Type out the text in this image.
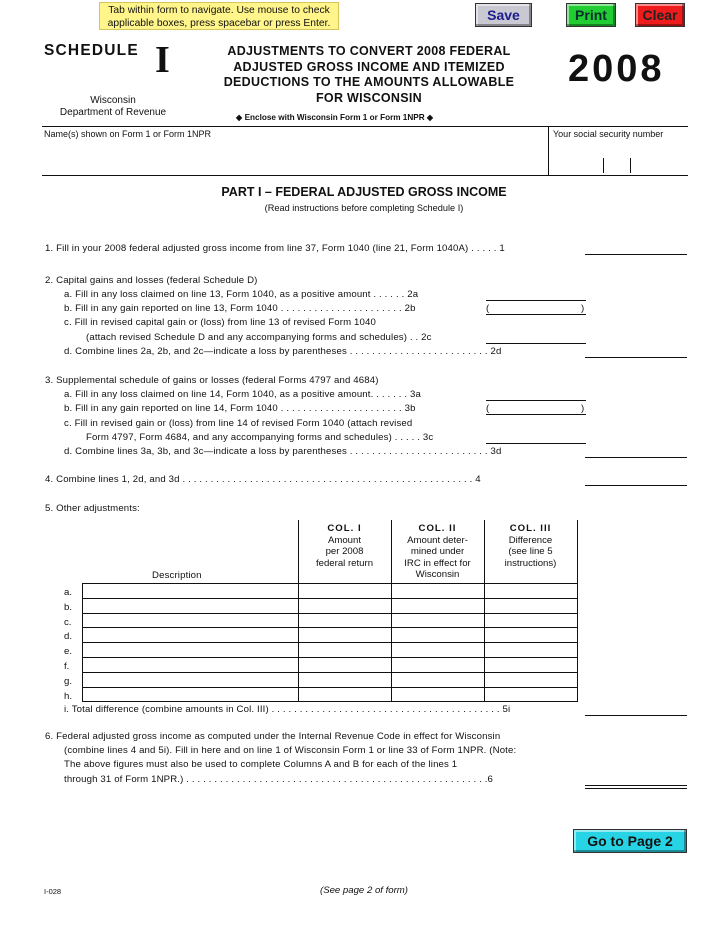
Tab within form to navigate. Use mouse to check
applicable boxes, press spacebar or press Enter.
Save	Print	Clear
SCHEDULE I
Wisconsin
Department of Revenue
ADJUSTMENTS TO CONVERT 2008 FEDERAL
ADJUSTED GROSS INCOME AND ITEMIZED
DEDUCTIONS TO THE AMOUNTS ALLOWABLE
FOR WISCONSIN
◆ Enclose with Wisconsin Form 1 or Form 1NPR ◆
2008
Name(s) shown on Form 1 or Form 1NPR	Your social security number
PART I – FEDERAL ADJUSTED GROSS INCOME
(Read instructions before completing Schedule I)
1. Fill in your 2008 federal adjusted gross income from line 37, Form 1040 (line 21, Form 1040A) . . . . . 1
2. Capital gains and losses (federal Schedule D)
a. Fill in any loss claimed on line 13, Form 1040, as a positive amount . . . . . . 2a
b. Fill in any gain reported on line 13, Form 1040 . . . . . . . . . . . . . . . . . . . . . . 2b	(	)
c. Fill in revised capital gain or (loss) from line 13 of revised Form 1040
(attach revised Schedule D and any accompanying forms and schedules) . . 2c
d. Combine lines 2a, 2b, and 2c—indicate a loss by parentheses . . . . . . . . . . . . . . . . . . . . . . . . . 2d
3. Supplemental schedule of gains or losses (federal Forms 4797 and 4684)
a. Fill in any loss claimed on line 14, Form 1040, as a positive amount. . . . . . . 3a
b. Fill in any gain reported on line 14, Form 1040 . . . . . . . . . . . . . . . . . . . . . . 3b	(	)
c. Fill in revised gain or (loss) from line 14 of revised Form 1040 (attach revised
Form 4797, Form 4684, and any accompanying forms and schedules) . . . . . 3c
d. Combine lines 3a, 3b, and 3c—indicate a loss by parentheses . . . . . . . . . . . . . . . . . . . . . . . . . 3d
4. Combine lines 1, 2d, and 3d . . . . . . . . . . . . . . . . . . . . . . . . . . . . . . . . . . . . . . . . . . . . . . . . . . . . 4
5. Other adjustments:
COL. I
Amount
per 2008
federal return
COL. II
Amount deter-
mined under
IRC in effect for
Wisconsin
COL. III
Difference
(see line 5
instructions)
Description
a.
b.
c.
d.
e.
f.
g.
h.

i. Total difference (combine amounts in Col. III) . . . . . . . . . . . . . . . . . . . . . . . . . . . . . . . . . . . . . . . . . 5i
6. Federal adjusted gross income as computed under the Internal Revenue Code in effect for Wisconsin
(combine lines 4 and 5i). Fill in here and on line 1 of Wisconsin Form 1 or line 33 of Form 1NPR. (Note:
The above figures must also be used to complete Columns A and B for each of the lines 1
through 31 of Form 1NPR.) . . . . . . . . . . . . . . . . . . . . . . . . . . . . . . . . . . . . . . . . . . . . . . . . . . . . . .6
Go to Page 2
I-028	(See page 2 of form)
